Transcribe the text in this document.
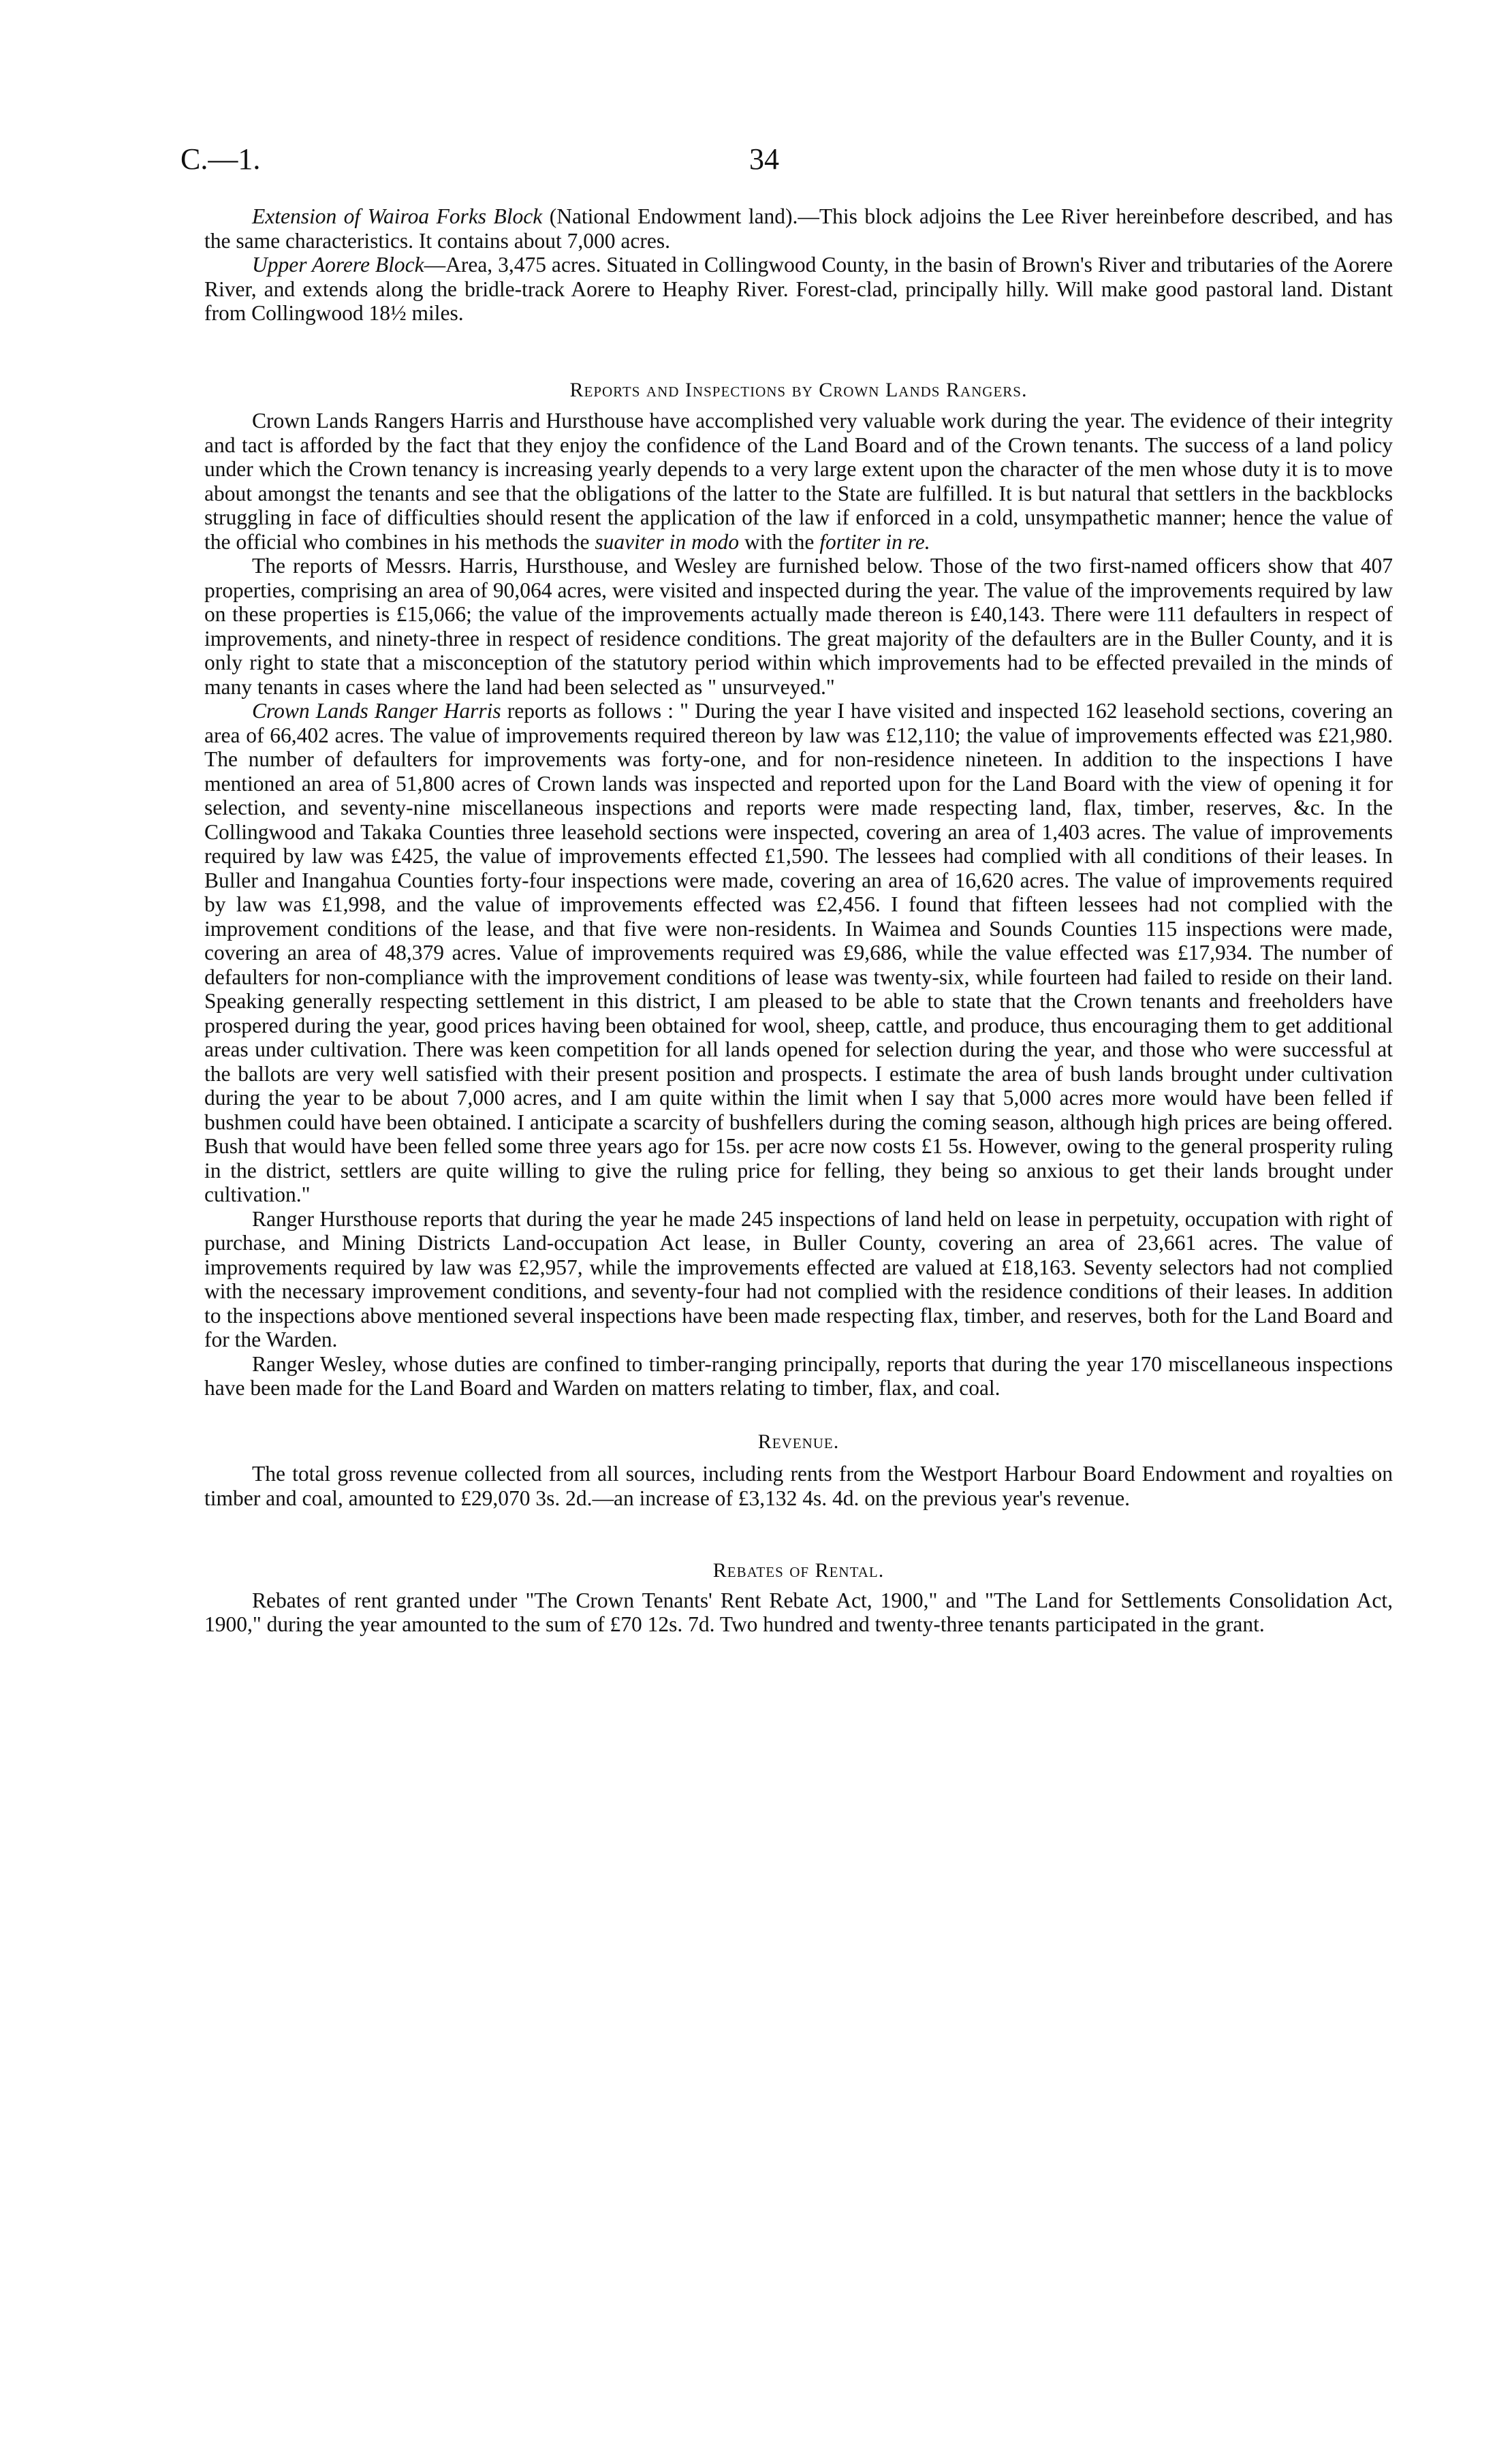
C.—1.	34

Extension of Wairoa Forks Block (National Endowment land).—This block adjoins the Lee River hereinbefore described, and has the same characteristics. It contains about 7,000 acres.

Upper Aorere Block—Area, 3,475 acres. Situated in Collingwood County, in the basin of Brown's River and tributaries of the Aorere River, and extends along the bridle-track Aorere to Heaphy River. Forest-clad, principally hilly. Will make good pastoral land. Distant from Collingwood 18½ miles.

Reports and Inspections by Crown Lands Rangers.

Crown Lands Rangers Harris and Hursthouse have accomplished very valuable work during the year. The evidence of their integrity and tact is afforded by the fact that they enjoy the confidence of the Land Board and of the Crown tenants. The success of a land policy under which the Crown tenancy is increasing yearly depends to a very large extent upon the character of the men whose duty it is to move about amongst the tenants and see that the obligations of the latter to the State are fulfilled. It is but natural that settlers in the backblocks struggling in face of difficulties should resent the application of the law if enforced in a cold, unsympathetic manner; hence the value of the official who combines in his methods the suaviter in modo with the fortiter in re.

The reports of Messrs. Harris, Hursthouse, and Wesley are furnished below. Those of the two first-named officers show that 407 properties, comprising an area of 90,064 acres, were visited and inspected during the year. The value of the improvements required by law on these properties is £15,066; the value of the improvements actually made thereon is £40,143. There were 111 defaulters in respect of improvements, and ninety-three in respect of residence conditions. The great majority of the defaulters are in the Buller County, and it is only right to state that a misconception of the statutory period within which improvements had to be effected prevailed in the minds of many tenants in cases where the land had been selected as " unsurveyed."

Crown Lands Ranger Harris reports as follows : " During the year I have visited and inspected 162 leasehold sections, covering an area of 66,402 acres. The value of improvements required thereon by law was £12,110; the value of improvements effected was £21,980. The number of defaulters for improvements was forty-one, and for non-residence nineteen. In addition to the inspections I have mentioned an area of 51,800 acres of Crown lands was inspected and reported upon for the Land Board with the view of opening it for selection, and seventy-nine miscellaneous inspections and reports were made respecting land, flax, timber, reserves, &c. In the Collingwood and Takaka Counties three leasehold sections were inspected, covering an area of 1,403 acres. The value of improvements required by law was £425, the value of improvements effected £1,590. The lessees had complied with all conditions of their leases. In Buller and Inangahua Counties forty-four inspections were made, covering an area of 16,620 acres. The value of improvements required by law was £1,998, and the value of improvements effected was £2,456. I found that fifteen lessees had not complied with the improvement conditions of the lease, and that five were non-residents. In Waimea and Sounds Counties 115 inspections were made, covering an area of 48,379 acres. Value of improvements required was £9,686, while the value effected was £17,934. The number of defaulters for non-compliance with the improvement conditions of lease was twenty-six, while fourteen had failed to reside on their land. Speaking generally respecting settlement in this district, I am pleased to be able to state that the Crown tenants and freeholders have prospered during the year, good prices having been obtained for wool, sheep, cattle, and produce, thus encouraging them to get additional areas under cultivation. There was keen competition for all lands opened for selection during the year, and those who were successful at the ballots are very well satisfied with their present position and prospects. I estimate the area of bush lands brought under cultivation during the year to be about 7,000 acres, and I am quite within the limit when I say that 5,000 acres more would have been felled if bushmen could have been obtained. I anticipate a scarcity of bushfellers during the coming season, although high prices are being offered. Bush that would have been felled some three years ago for 15s. per acre now costs £1 5s. However, owing to the general prosperity ruling in the district, settlers are quite willing to give the ruling price for felling, they being so anxious to get their lands brought under cultivation."

Ranger Hursthouse reports that during the year he made 245 inspections of land held on lease in perpetuity, occupation with right of purchase, and Mining Districts Land-occupation Act lease, in Buller County, covering an area of 23,661 acres. The value of improvements required by law was £2,957, while the improvements effected are valued at £18,163. Seventy selectors had not complied with the necessary improvement conditions, and seventy-four had not complied with the residence conditions of their leases. In addition to the inspections above mentioned several inspections have been made respecting flax, timber, and reserves, both for the Land Board and for the Warden.

Ranger Wesley, whose duties are confined to timber-ranging principally, reports that during the year 170 miscellaneous inspections have been made for the Land Board and Warden on matters relating to timber, flax, and coal.

Revenue.

The total gross revenue collected from all sources, including rents from the Westport Harbour Board Endowment and royalties on timber and coal, amounted to £29,070 3s. 2d.—an increase of £3,132 4s. 4d. on the previous year's revenue.

Rebates of Rental.

Rebates of rent granted under "The Crown Tenants' Rent Rebate Act, 1900," and "The Land for Settlements Consolidation Act, 1900," during the year amounted to the sum of £70 12s. 7d. Two hundred and twenty-three tenants participated in the grant.
